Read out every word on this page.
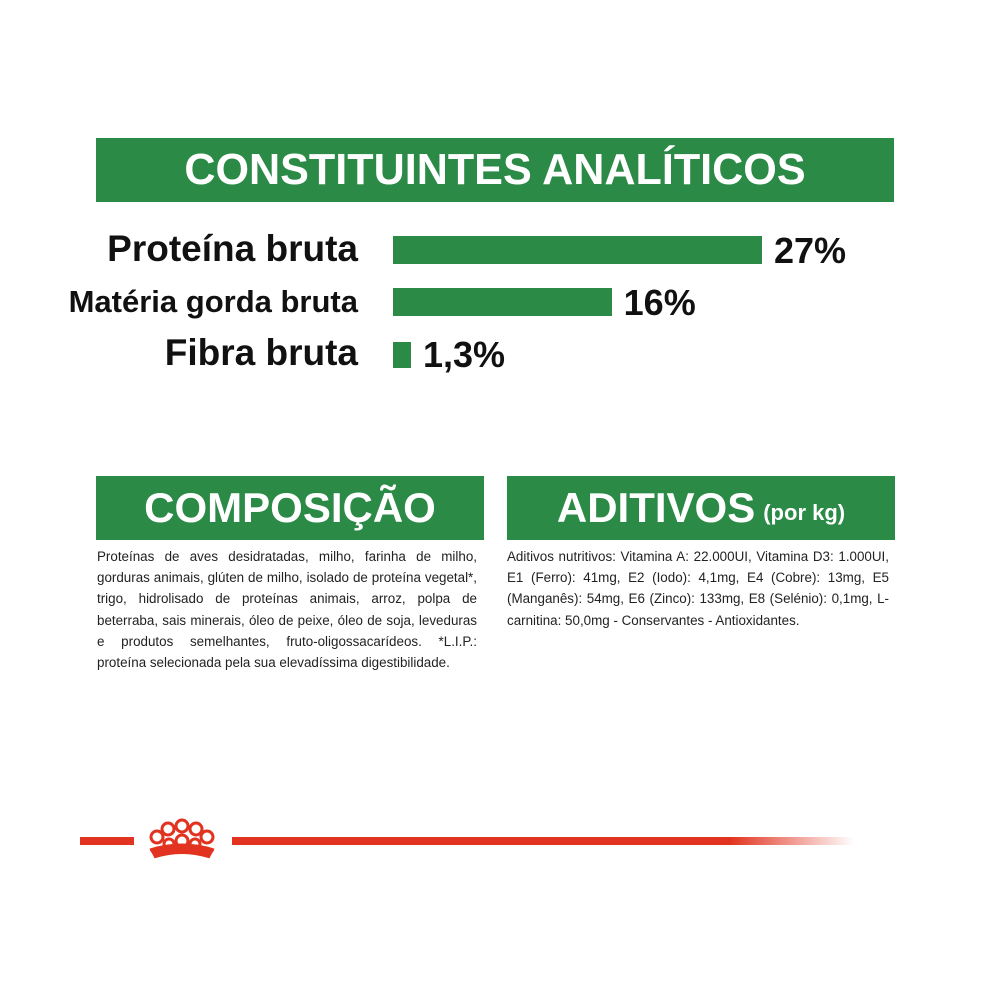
CONSTITUINTES ANALÍTICOS
Proteína bruta	27%
Matéria gorda bruta	16%
Fibra bruta 1,3%
COMPOSIÇÃO

Proteínas de aves desidratadas, milho, farinha de milho, gorduras animais, glúten de milho, isolado de proteína vegetal*, trigo, hidrolisado de proteínas animais, arroz, polpa de beterraba, sais minerais, óleo de peixe, óleo de soja, leveduras e produtos semelhantes, fruto-oligossacarídeos. *L.I.P.: proteína selecionada pela sua elevadíssima digestibilidade.

ADITIVOS (por kg)

Aditivos nutritivos: Vitamina A: 22.000UI, Vitamina D3: 1.000UI, E1 (Ferro): 41mg, E2 (Iodo): 4,1mg, E4 (Cobre): 13mg, E5 (Manganês): 54mg, E6 (Zinco): 133mg, E8 (Selénio): 0,1mg, L-carnitina: 50,0mg - Conservantes - Antioxidantes.
